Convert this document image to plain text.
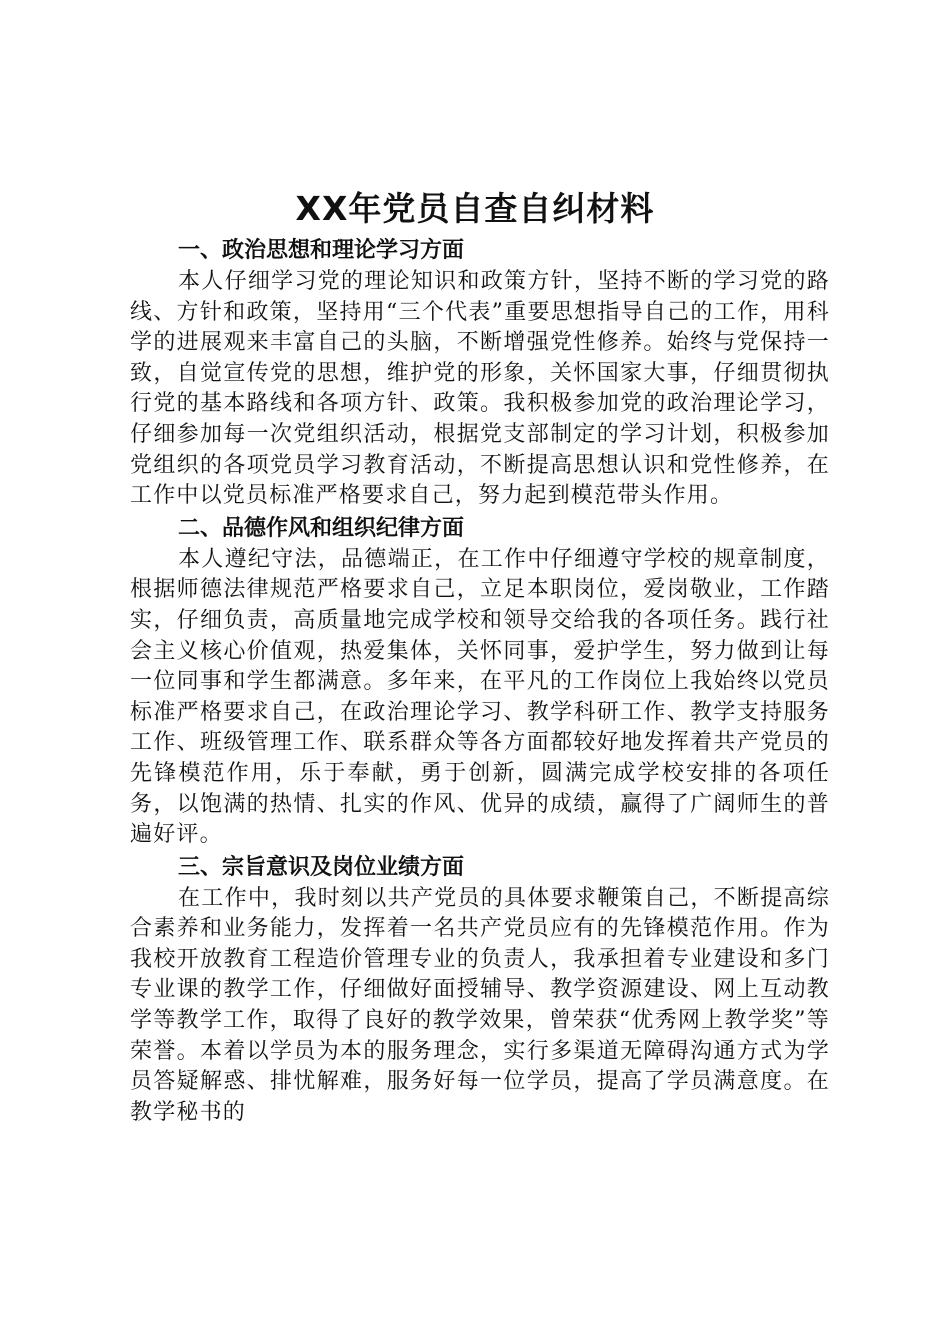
XX年党员自查自纠材料
一、政治思想和理论学习方面

本人仔细学习党的理论知识和政策方针，坚持不断的学习党的路线、方针和政策，坚持用“三个代表”重要思想指导自己的工作，用科学的进展观来丰富自己的头脑，不断增强党性修养。始终与党保持一致，自觉宣传党的思想，维护党的形象，关怀国家大事，仔细贯彻执行党的基本路线和各项方针、政策。我积极参加党的政治理论学习，仔细参加每一次党组织活动，根据党支部制定的学习计划，积极参加党组织的各项党员学习教育活动，不断提高思想认识和党性修养，在工作中以党员标准严格要求自己，努力起到模范带头作用。

二、品德作风和组织纪律方面

本人遵纪守法，品德端正，在工作中仔细遵守学校的规章制度，根据师德法律规范严格要求自己，立足本职岗位，爱岗敬业，工作踏实，仔细负责，高质量地完成学校和领导交给我的各项任务。践行社会主义核心价值观，热爱集体，关怀同事，爱护学生，努力做到让每一位同事和学生都满意。多年来，在平凡的工作岗位上我始终以党员标准严格要求自己，在政治理论学习、教学科研工作、教学支持服务工作、班级管理工作、联系群众等各方面都较好地发挥着共产党员的先锋模范作用，乐于奉献，勇于创新，圆满完成学校安排的各项任务，以饱满的热情、扎实的作风、优异的成绩，赢得了广阔师生的普遍好评。

三、宗旨意识及岗位业绩方面

在工作中，我时刻以共产党员的具体要求鞭策自己，不断提高综合素养和业务能力，发挥着一名共产党员应有的先锋模范作用。作为我校开放教育工程造价管理专业的负责人，我承担着专业建设和多门专业课的教学工作，仔细做好面授辅导、教学资源建设、网上互动教学等教学工作，取得了良好的教学效果，曾荣获“优秀网上教学奖”等荣誉。本着以学员为本的服务理念，实行多渠道无障碍沟通方式为学员答疑解惑、排忧解难，服务好每一位学员，提高了学员满意度。在教学秘书的
